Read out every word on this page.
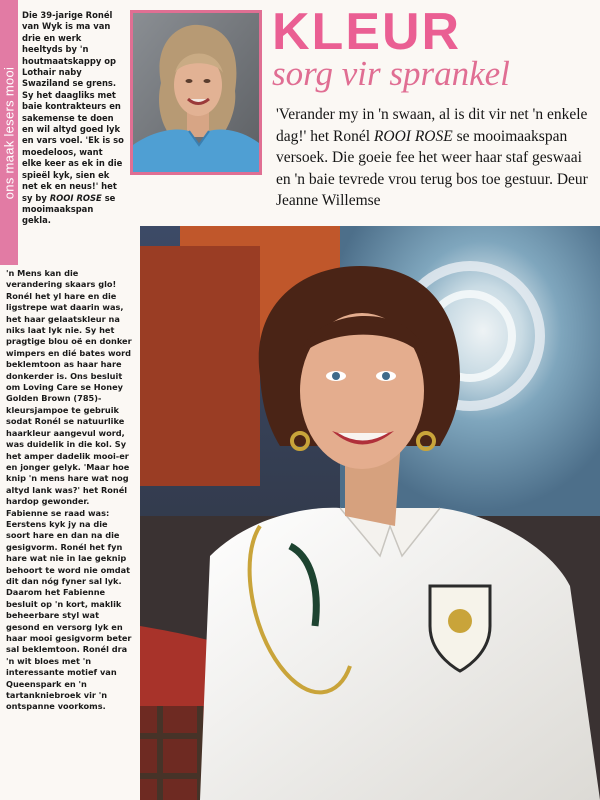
ons maak lesers mooi

Die 39-jarige Ronél van Wyk is ma van drie en werk heeltyds by 'n houtmaatskappy op Lothair naby Swaziland se grens. Sy het daagliks met baie kontrakteurs en sakemense te doen en wil altyd goed lyk en vars voel. 'Ek is so moedeloos, want elke keer as ek in die spieël kyk, sien ek net ek en neus!' het sy by ROOI ROSE se mooimaakspan gekla.

KLEUR
sorg vir sprankel
'Verander my in 'n swaan, al is dit vir net 'n enkele dag!' het Ronél ROOI ROSE se mooimaakspan versoek. Die goeie fee het weer haar staf geswaai en 'n baie tevrede vrou terug bos toe gestuur. Deur Jeanne Willemse

'n Mens kan die verandering skaars glo! Ronél het yl hare en die ligstrepe wat daarin was, het haar gelaatskleur na niks laat lyk nie. Sy het pragtige blou oë en donker wimpers en dié bates word beklemtoon as haar hare donkerder is. Ons besluit om Loving Care se Honey Golden Brown (785)-kleursjampoe te gebruik sodat Ronél se natuurlike haarkleur aangevul word, was duidelik in die kol. Sy het amper dadelik mooi-er en jonger gelyk. 'Maar hoe knip 'n mens hare wat nog altyd lank was?' het Ronél hardop gewonder. Fabienne se raad was: Eerstens kyk jy na die soort hare en dan na die gesigvorm. Ronél het fyn hare wat nie in lae geknip behoort te word nie omdat dit dan nóg fyner sal lyk. Daarom het Fabienne besluit op 'n kort, maklik beheerbare styl wat gesond en versorg lyk en haar mooi gesigvorm beter sal beklemtoon. Ronél dra 'n wit bloes met 'n interessante motief van Queenspark en 'n tartankniebroek vir 'n ontspanne voorkoms.
